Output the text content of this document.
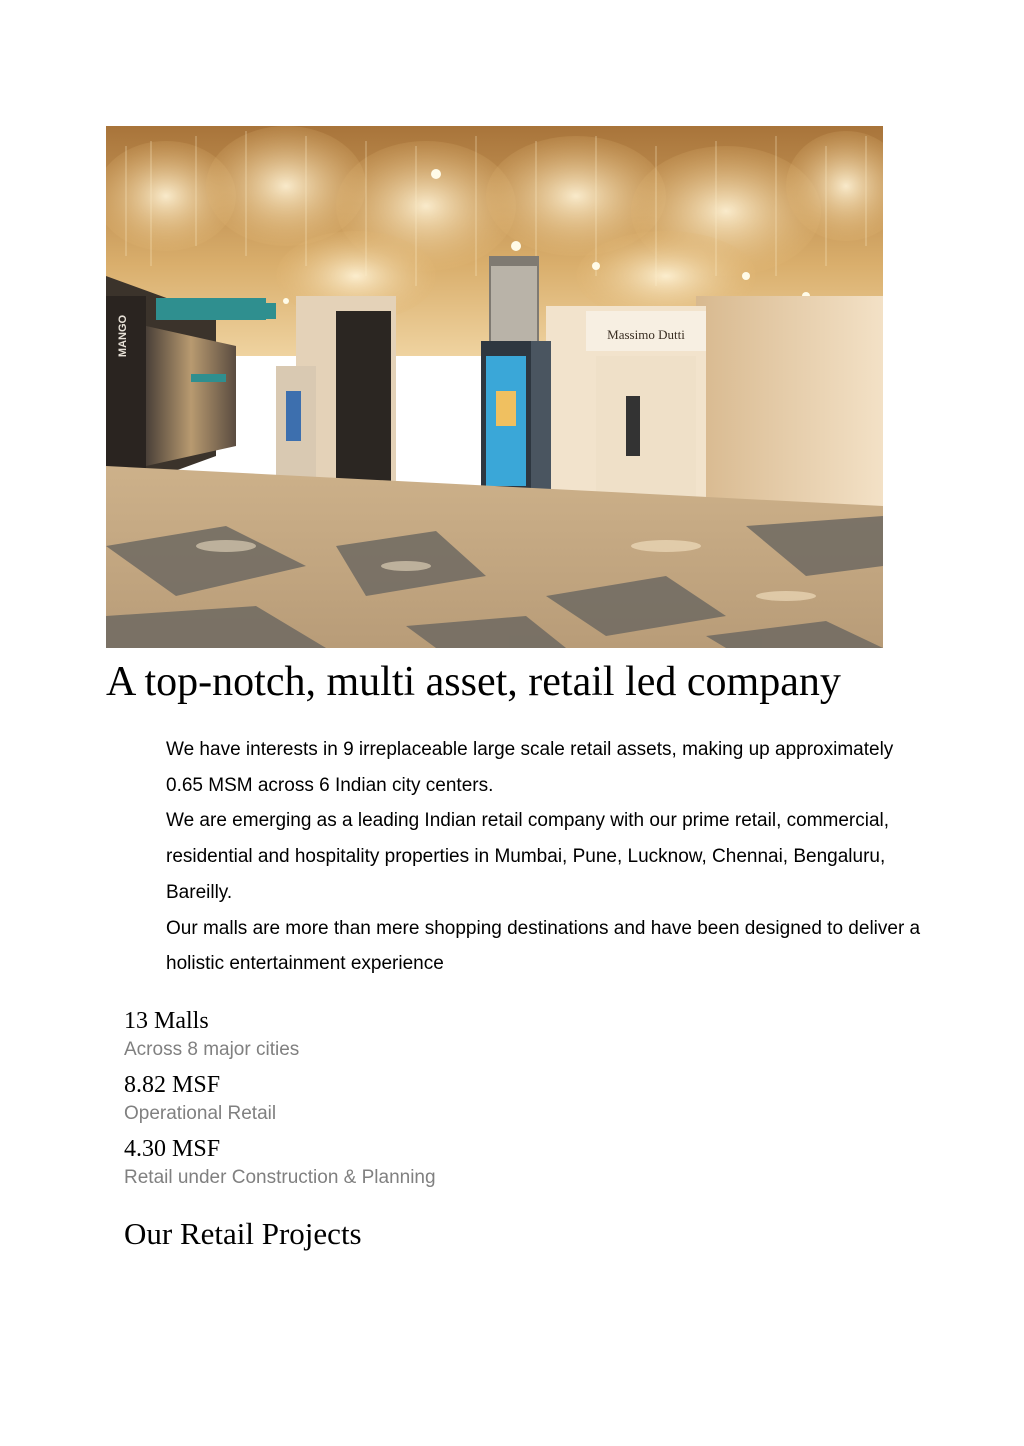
Massimo Dutti
MANGO
A top-notch, multi asset, retail led company

We have interests in 9 irreplaceable large scale retail assets, making up approximately 0.65 MSM across 6 Indian city centers.

We are emerging as a leading Indian retail company with our prime retail, commercial, residential and hospitality properties in Mumbai, Pune, Lucknow, Chennai, Bengaluru, Bareilly.

Our malls are more than mere shopping destinations and have been designed to deliver a holistic entertainment experience

13 Malls
Across 8 major cities
8.82 MSF
Operational Retail
4.30 MSF
Retail under Construction & Planning
Our Retail Projects
